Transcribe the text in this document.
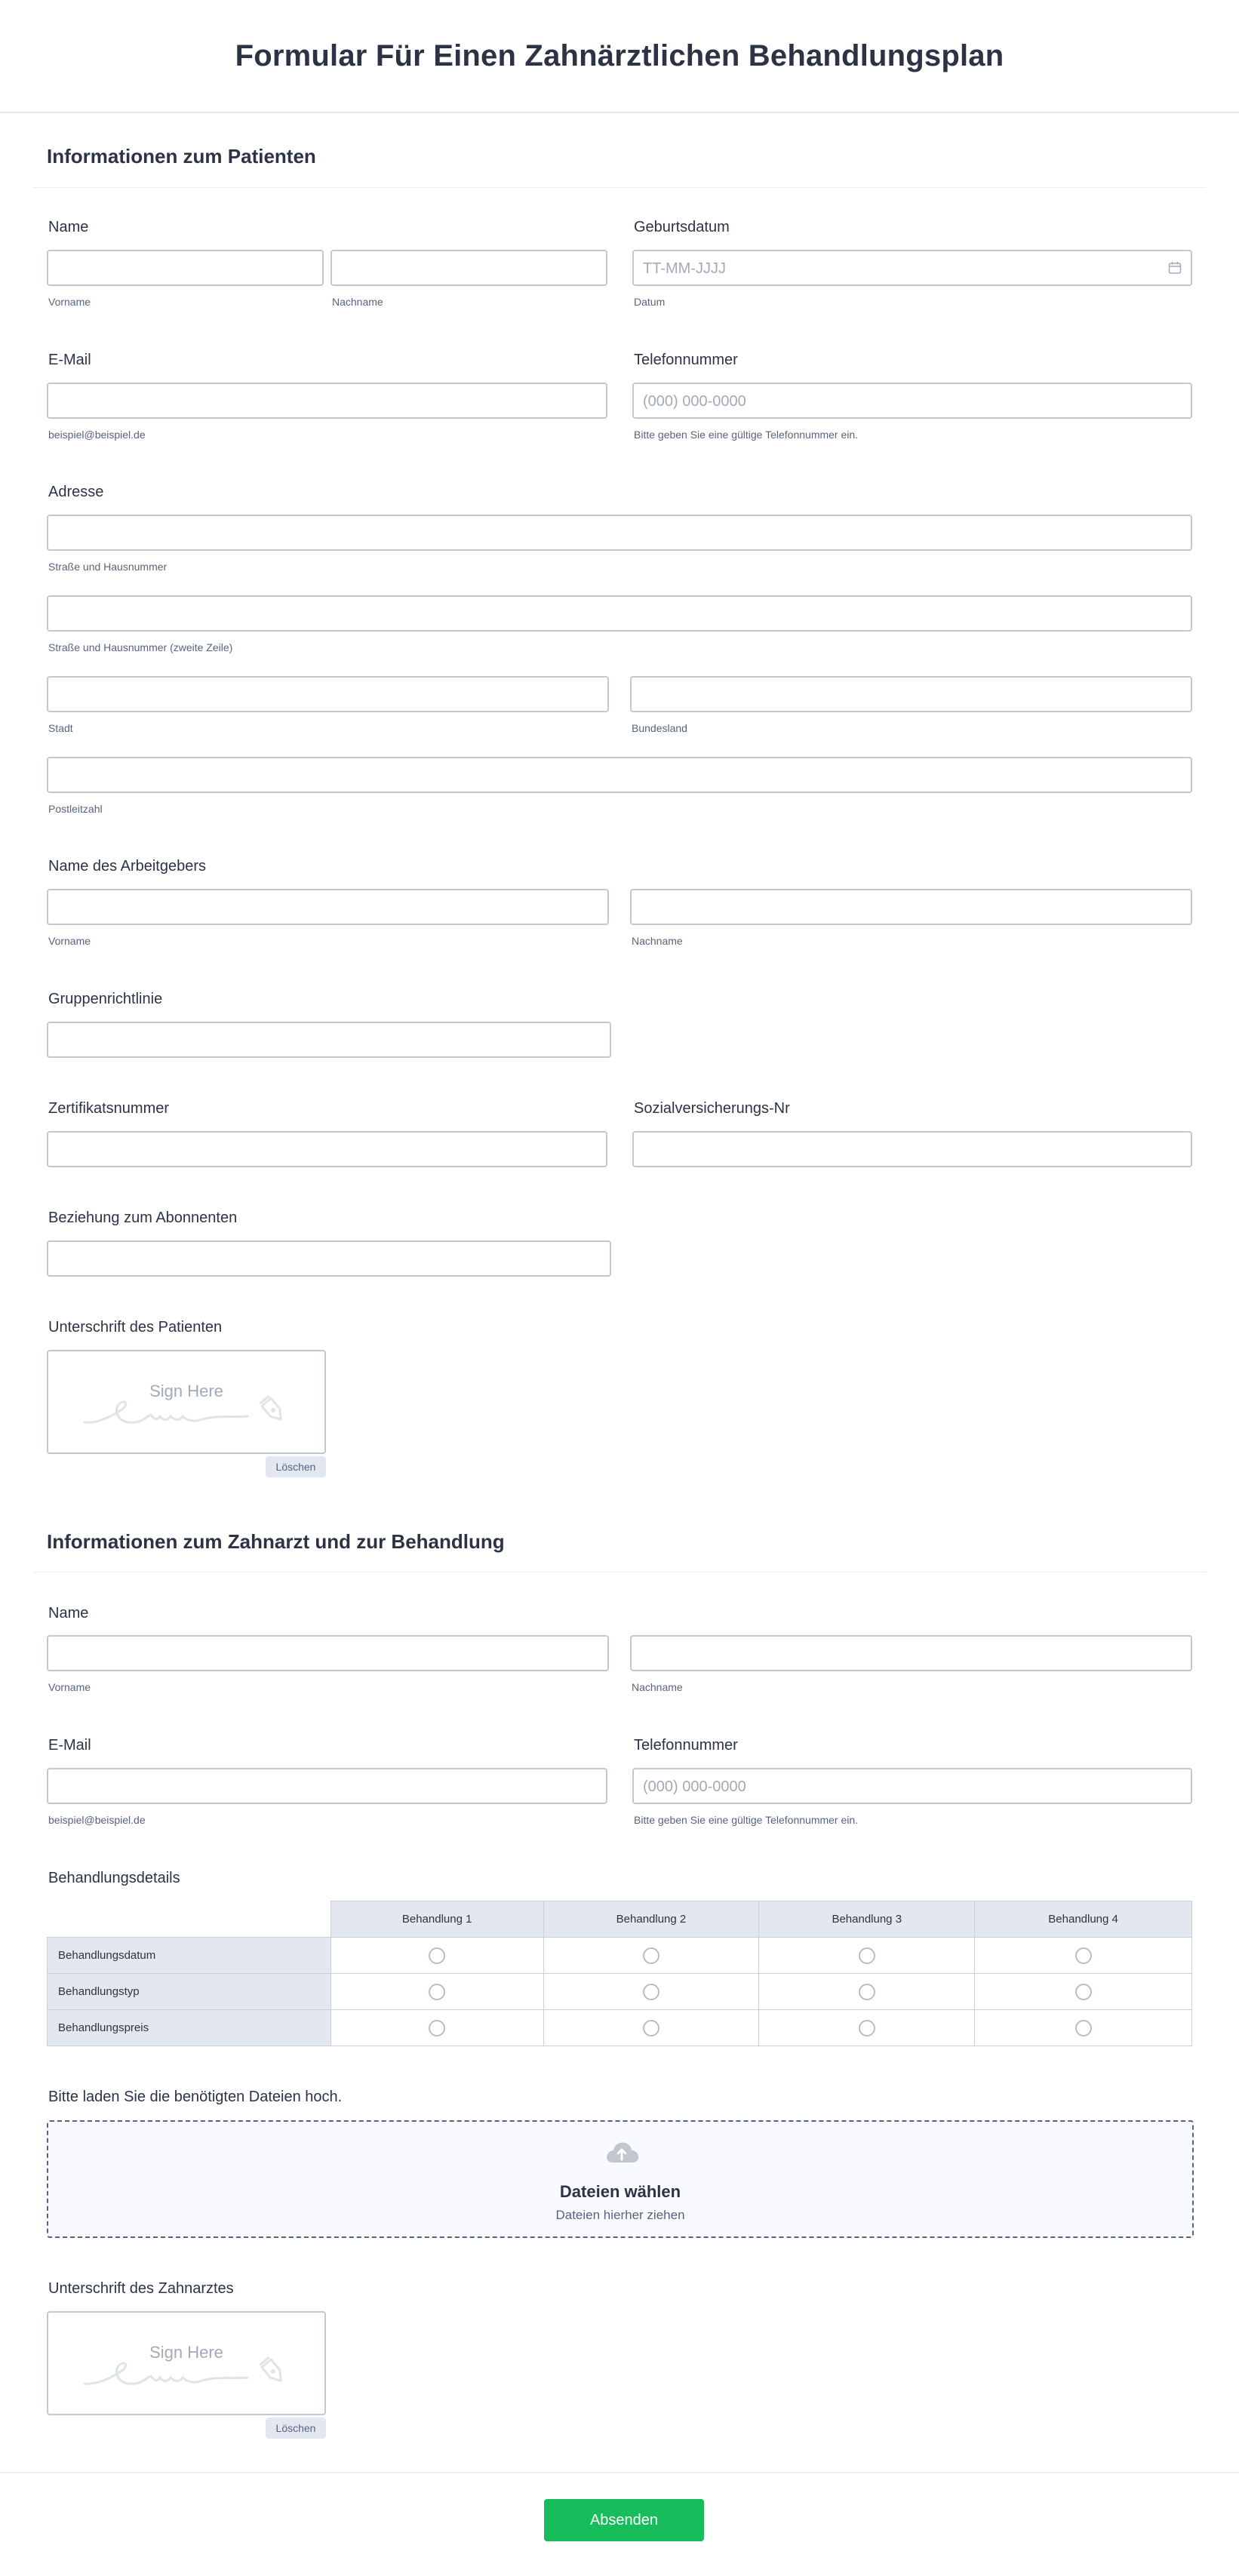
Formular Für Einen Zahnärztlichen Behandlungsplan
Informationen zum Patienten
Name
Vorname	Nachname
Geburtsdatum
TT-MM-JJJJ
Datum
E-Mail
beispiel@beispiel.de
Telefonnummer
(000) 000-0000
Bitte geben Sie eine gültige Telefonnummer ein.
Adresse
Straße und Hausnummer
Straße und Hausnummer (zweite Zeile)
Stadt	Bundesland
Postleitzahl
Name des Arbeitgebers
Vorname	Nachname
Gruppenrichtlinie
Zertifikatsnummer	Sozialversicherungs-Nr
Beziehung zum Abonnenten
Unterschrift des Patienten
Sign Here
Löschen
Informationen zum Zahnarzt und zur Behandlung
Name
Vorname	Nachname
E-Mail
beispiel@beispiel.de
Telefonnummer
(000) 000-0000
Bitte geben Sie eine gültige Telefonnummer ein.
Behandlungsdetails
	Behandlung 1	Behandlung 2	Behandlung 3	Behandlung 4
Behandlungsdatum				
Behandlungstyp				
Behandlungspreis				
Bitte laden Sie die benötigten Dateien hoch.
Dateien wählen
Dateien hierher ziehen
Unterschrift des Zahnarztes
Sign Here
Löschen
Absenden
